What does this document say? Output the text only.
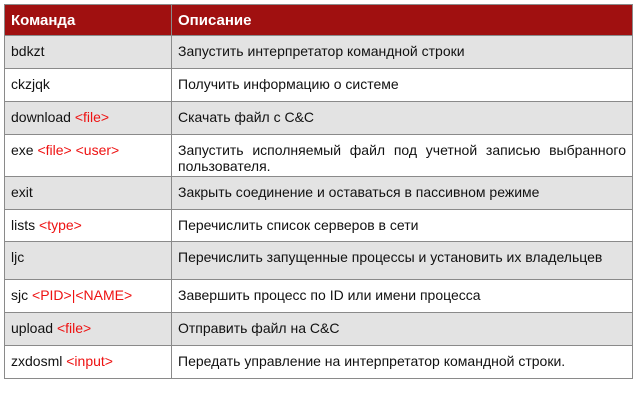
Команда	Описание

bdkzt	Запустить интерпретатор командной строки

ckzjqk	Получить информацию о системе

download <file>	Скачать файл с C&C

exe <file> <user>	Запустить исполняемый файл под учетной записью выбранного пользователя.

exit	Закрыть соединение и оставаться в пассивном режиме

lists <type>	Перечислить список серверов в сети

ljc	Перечислить запущенные процессы и установить их владельцев

sjc <PID>|<NAME>	Завершить процесс по ID или имени процесса

upload <file>	Отправить файл на C&C

zxdosml <input>	Передать управление на интерпретатор командной строки.
